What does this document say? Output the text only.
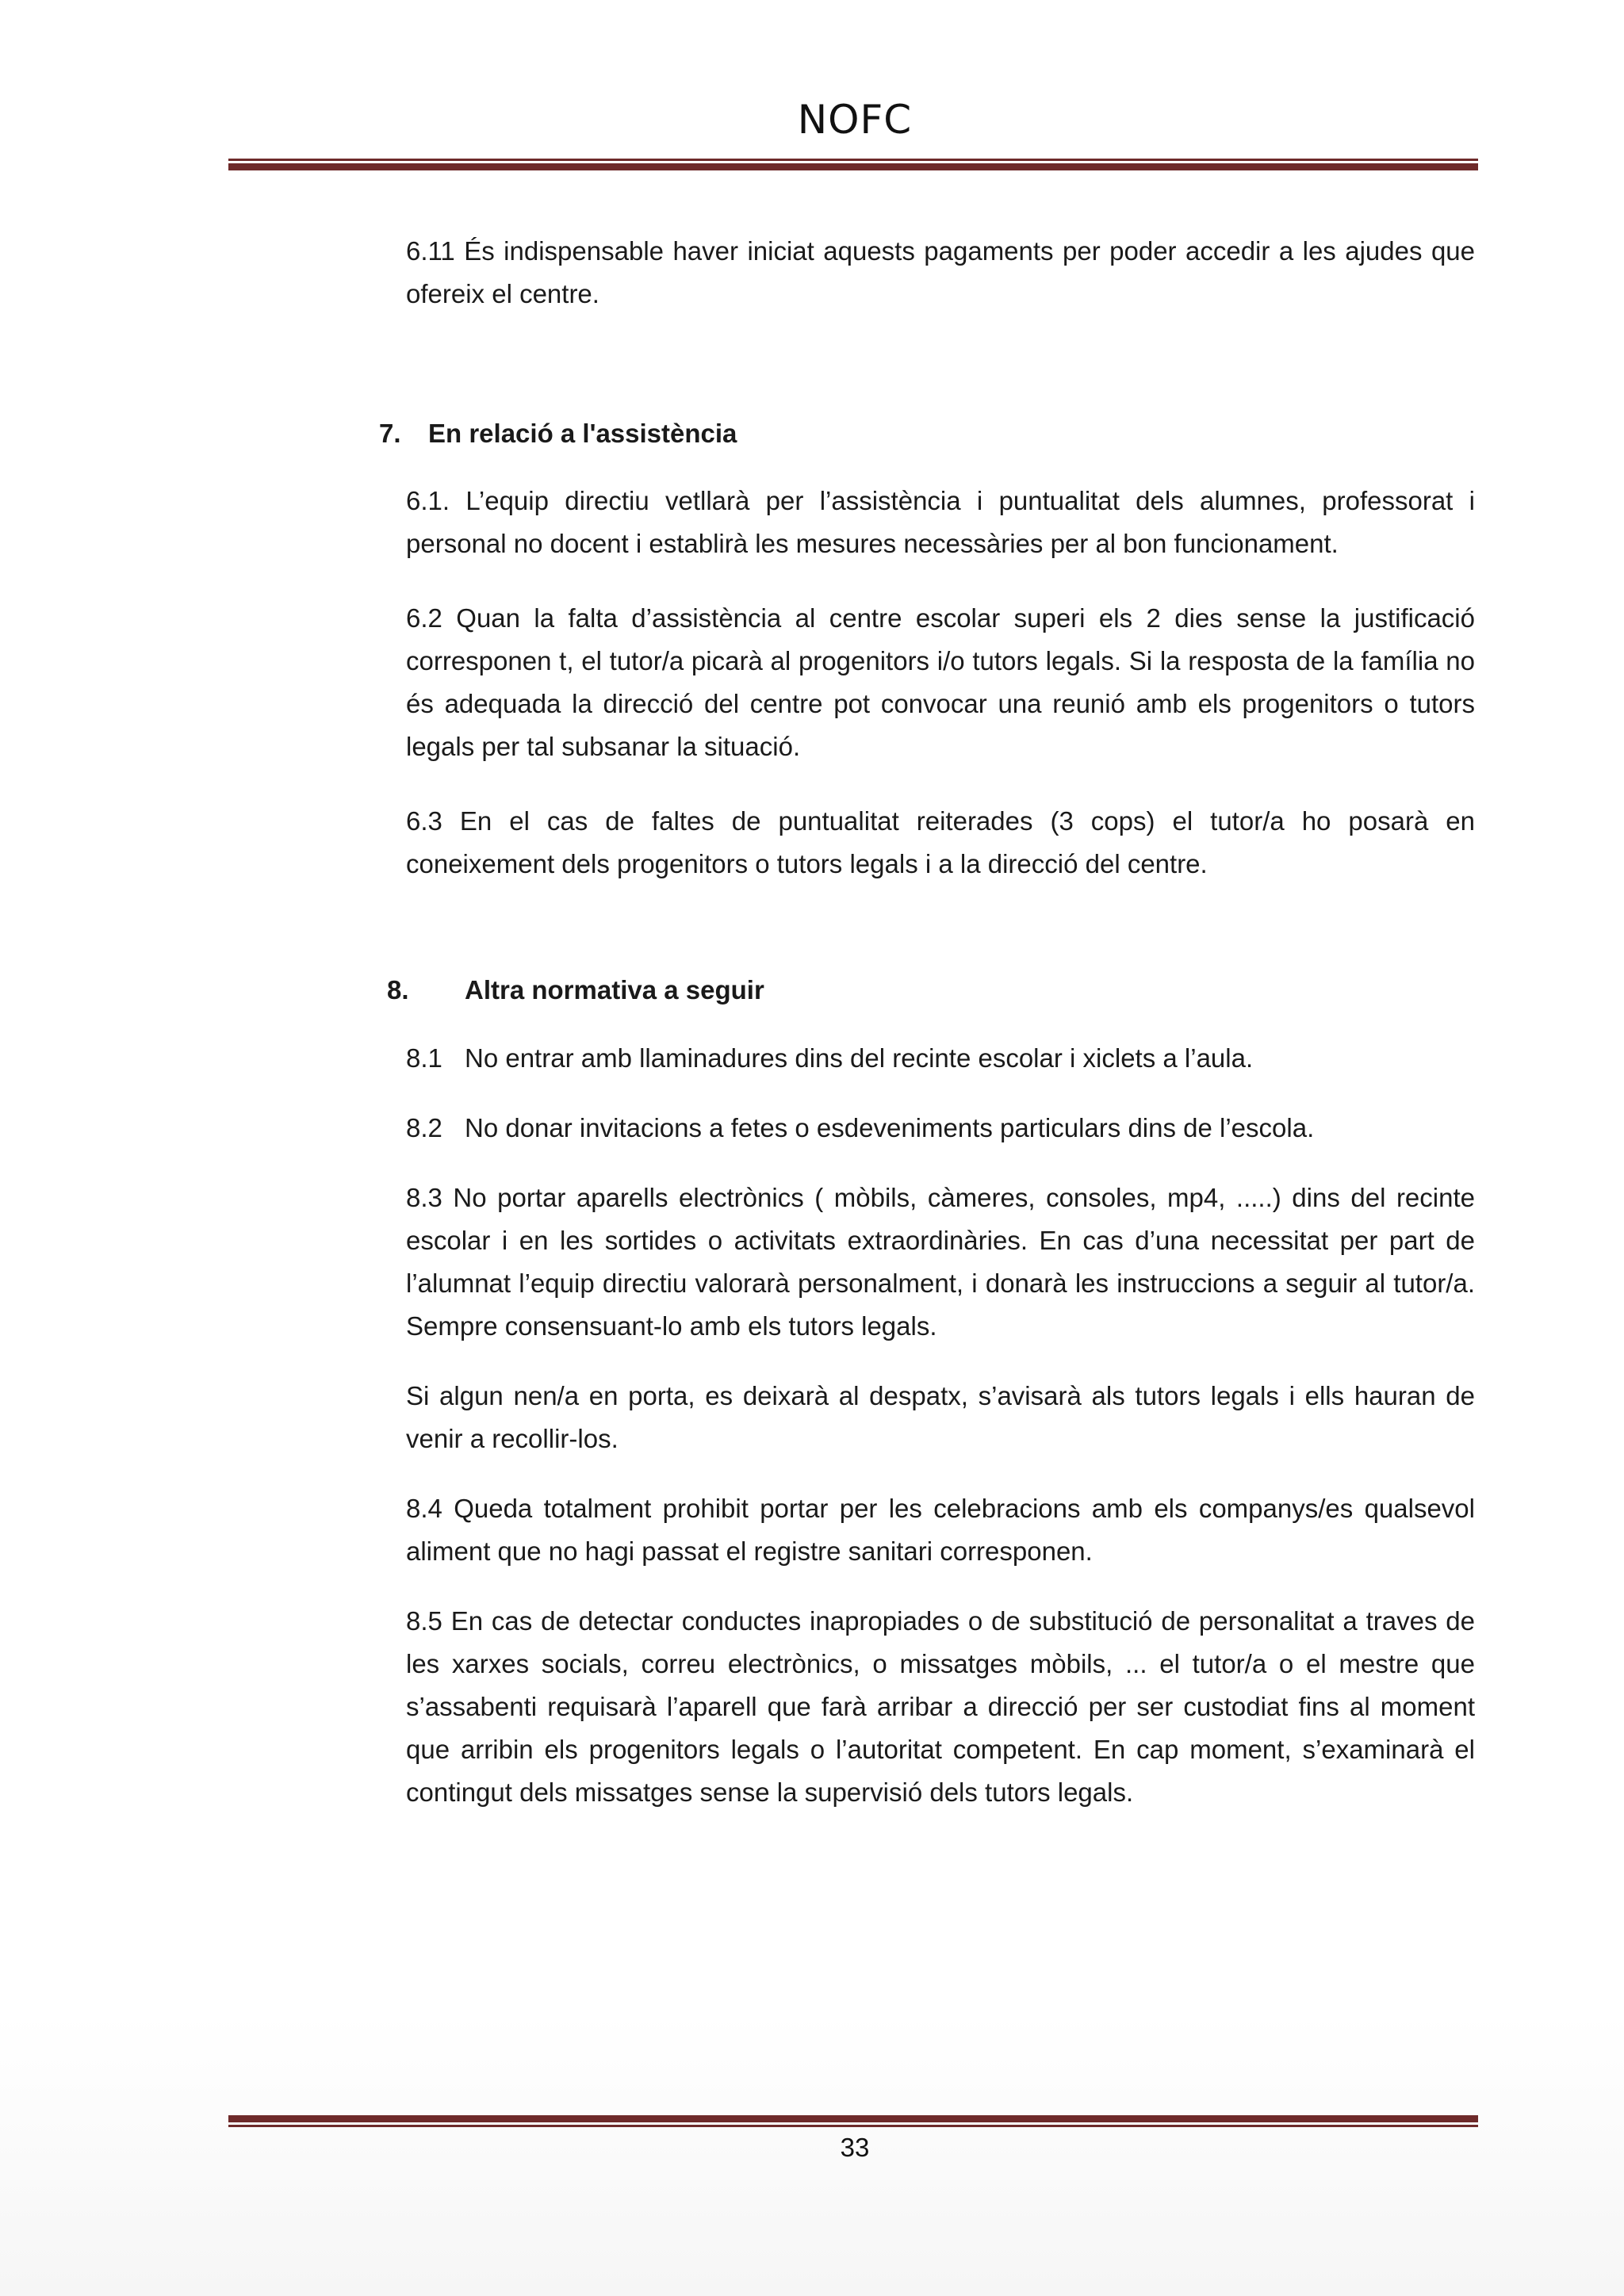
NOFC

6.11 És indispensable haver iniciat aquests pagaments per poder accedir a les ajudes que ofereix el centre.

7.	En relació a l'assistència

6.1. L’equip directiu vetllarà per l’assistència i puntualitat dels alumnes, professorat i personal no docent i establirà les mesures necessàries per al bon funcionament.

6.2 Quan la falta d’assistència al centre escolar superi els 2 dies sense la justificació corresponen t, el tutor/a picarà al progenitors i/o tutors legals. Si la resposta de la família no és adequada la direcció del centre pot convocar una reunió amb els progenitors o tutors legals per tal subsanar la situació.

6.3 En el cas de faltes de puntualitat reiterades (3 cops) el tutor/a ho posarà en coneixement dels progenitors o tutors legals i a la direcció del centre.

8.	Altra normativa a seguir
8.1 No entrar amb llaminadures dins del recinte escolar i xiclets a l’aula.
8.2 No donar invitacions a fetes o esdeveniments particulars dins de l’escola.

8.3 No portar aparells electrònics ( mòbils, càmeres, consoles, mp4, .....) dins del recinte escolar i en les sortides o activitats extraordinàries. En cas d’una necessitat per part de l’alumnat l’equip directiu valorarà personalment, i donarà les instruccions a seguir al tutor/a. Sempre consensuant-lo amb els tutors legals.

Si algun nen/a en porta, es deixarà al despatx, s’avisarà als tutors legals i ells hauran de venir a recollir-los.

8.4 Queda totalment prohibit portar per les celebracions amb els companys/es qualsevol aliment que no hagi passat el registre sanitari corresponen.

8.5 En cas de detectar conductes inapropiades o de substitució de personalitat a traves de les xarxes socials, correu electrònics, o missatges mòbils, ... el tutor/a o el mestre que s’assabenti requisarà l’aparell que farà arribar a direcció per ser custodiat fins al moment que arribin els progenitors legals o l’autoritat competent. En cap moment, s’examinarà el contingut dels missatges sense la supervisió dels tutors legals.

33
